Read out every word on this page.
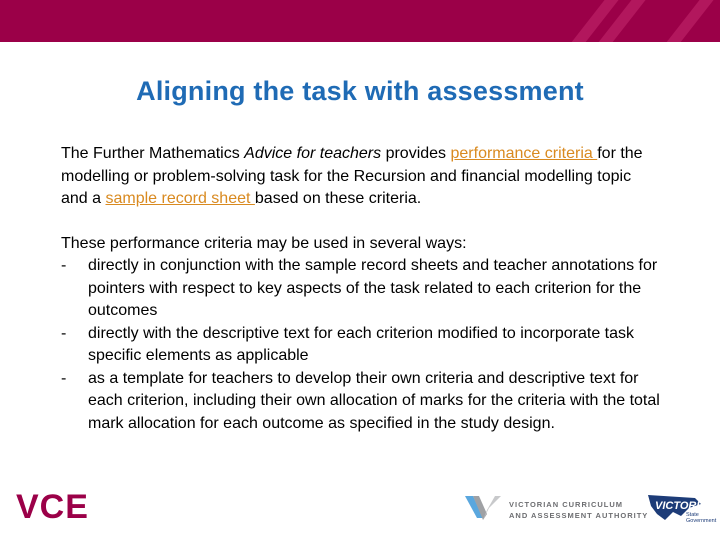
Aligning the task with assessment

The Further Mathematics Advice for teachers provides performance criteria for the modelling or problem-solving task for the Recursion and financial modelling topic and a sample record sheet based on these criteria.

These performance criteria may be used in several ways:

-	directly in conjunction with the sample record sheets and teacher annotations for pointers with respect to key aspects of the task related to each criterion for the outcomes
-	directly with the descriptive text for each criterion modified to incorporate task specific elements as applicable
-	as a template for teachers to develop their own criteria and descriptive text for each criterion, including their own allocation of marks for the criteria with the total mark allocation for each outcome as specified in the study design.
VCE	VICTORIAN CURRICULUM
AND ASSESSMENT AUTHORITY
VICTORIA
State
Government
